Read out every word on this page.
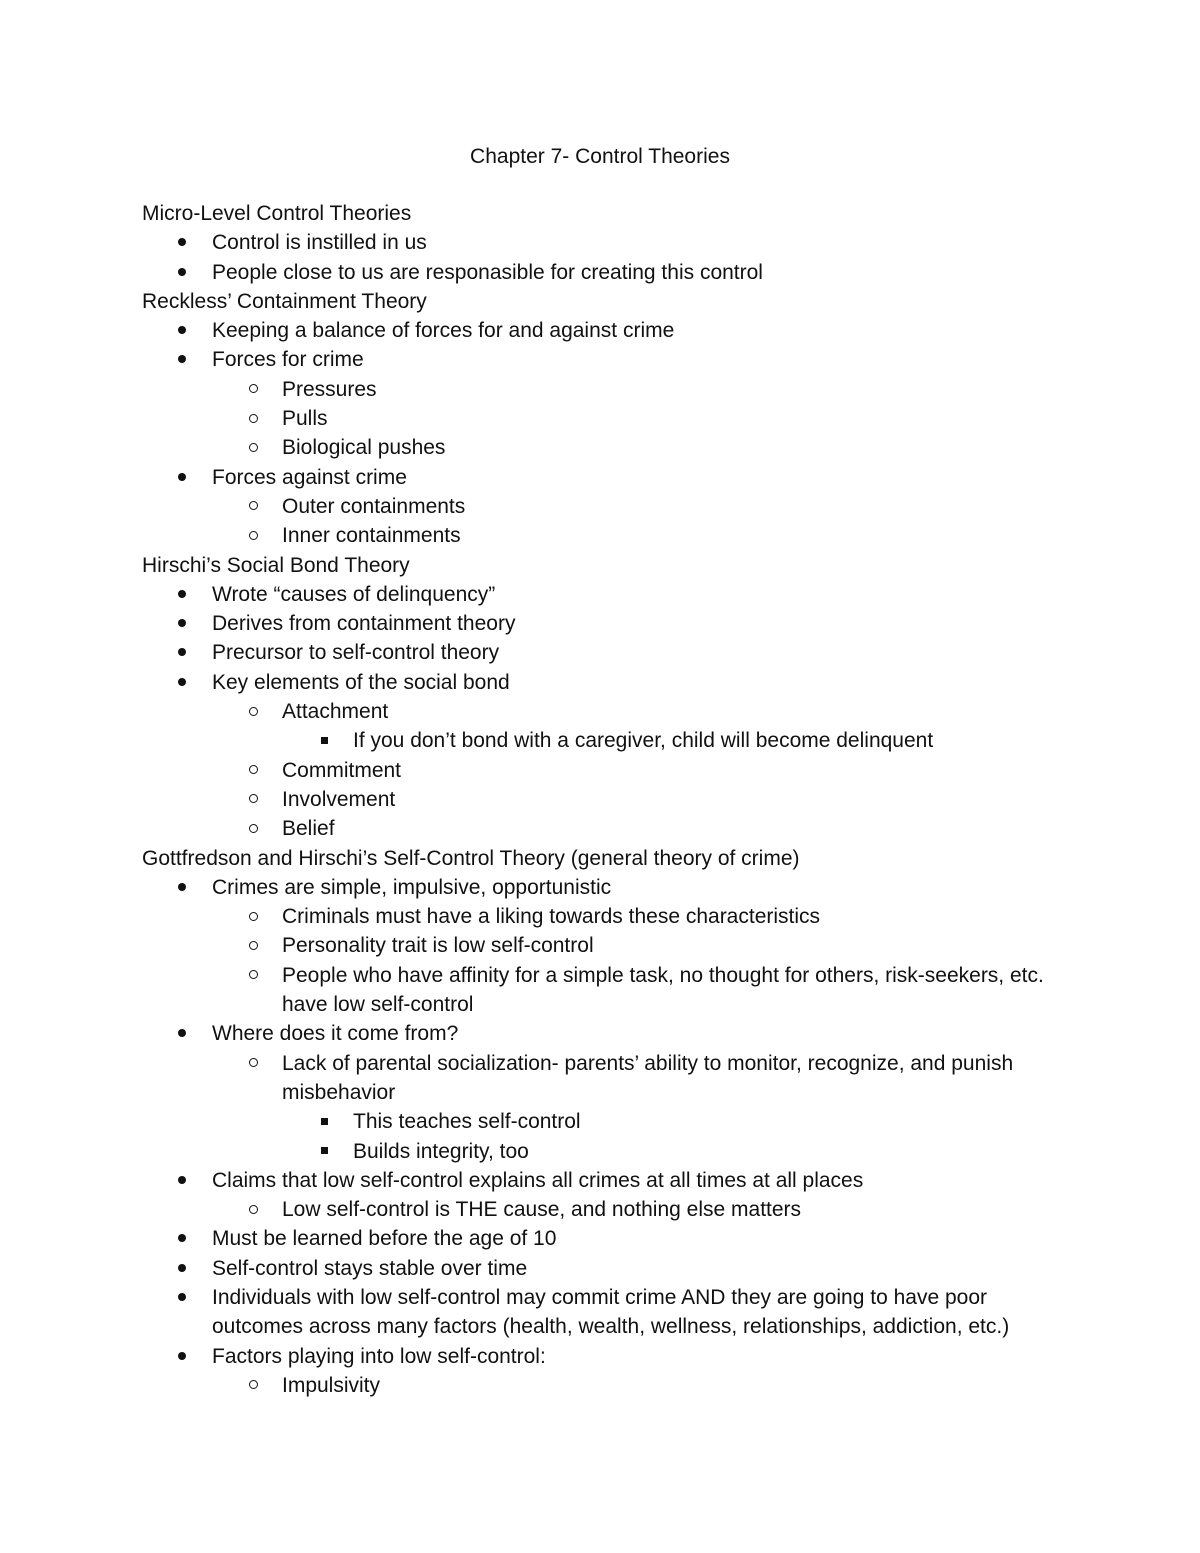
Chapter 7- Control Theories
Micro-Level Control Theories
Control is instilled in us
People close to us are responasible for creating this control
Reckless’ Containment Theory
Keeping a balance of forces for and against crime
Forces for crime
Pressures
Pulls
Biological pushes
Forces against crime
Outer containments
Inner containments
Hirschi’s Social Bond Theory
Wrote “causes of delinquency”
Derives from containment theory
Precursor to self-control theory
Key elements of the social bond
Attachment
If you don’t bond with a caregiver, child will become delinquent
Commitment
Involvement
Belief
Gottfredson and Hirschi’s Self-Control Theory (general theory of crime)
Crimes are simple, impulsive, opportunistic
Criminals must have a liking towards these characteristics
Personality trait is low self-control
People who have affinity for a simple task, no thought for others, risk-seekers, etc. have low self-control
Where does it come from?
Lack of parental socialization- parents’ ability to monitor, recognize, and punish misbehavior
This teaches self-control
Builds integrity, too
Claims that low self-control explains all crimes at all times at all places
Low self-control is THE cause, and nothing else matters
Must be learned before the age of 10
Self-control stays stable over time
Individuals with low self-control may commit crime AND they are going to have poor outcomes across many factors (health, wealth, wellness, relationships, addiction, etc.)
Factors playing into low self-control:
Impulsivity
